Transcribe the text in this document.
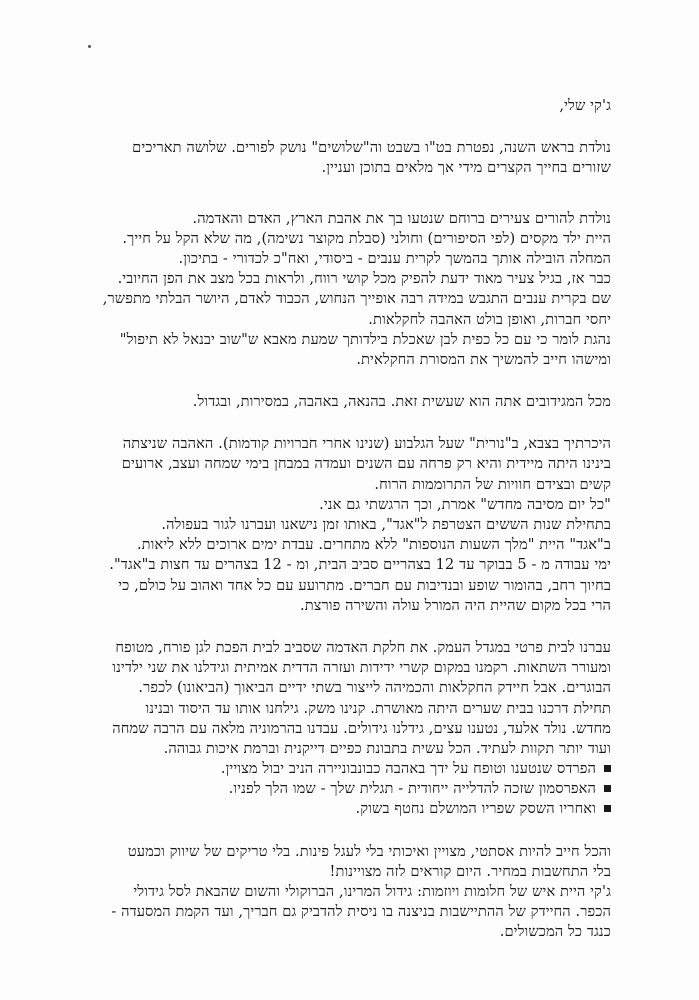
ג'קי שלי,
נולדת בראש השנה, נפטרת בט"ו בשבט וה"שלושים" נושק לפורים. שלושה תאריכים
שזורים בחייך הקצרים מידי אך מלאים בתוכן ועניין.
נולדת להורים צעירים ברוחם שנטעו בך את אהבת הארץ, האדם והאדמה.
היית ילד מקסים (לפי הסיפורים) וחולני (סבלת מקוצר נשימה), מה שלא הקל על חייך.
המחלה הובילה אותך בהמשך לקרית ענבים - ביסודי, ואח"כ לכדורי - בתיכון.
כבר אז, בגיל צעיר מאוד ידעת להפיק מכל קושי רווח, ולראות בכל מצב את הפן החיובי.
שם בקרית ענבים התגבש במידה רבה אופייך הנחוש, הכבוד לאדם, היושר הבלתי מתפשר,
יחסי חברות, ואופן בולט האהבה לחקלאות.
נהגת לומר כי עם כל כפית לבן שאכלת בילדותך שמעת מאבא ש"שוב יבנאל לא תיפול"
ומישהו חייב להמשיך את המסורת החקלאית.
מכל המגידובים אתה הוא שעשית זאת. בהנאה, באהבה, במסירות, ובגדול.
היכרתיך בצבא, ב"נורית" שעל הגלבוע (שנינו אחרי חברויות קודמות). האהבה שניצתה
בינינו היתה מיידית והיא רק פרחה עם השנים ועמדה במבחן בימי שמחה ועצב, ארועים
קשים ובצידם חוויות של התרוממות הרוח.
"כל יום מסיבה מחדש" אמרת, וכך הרגשתי גם אני.
בתחילת שנות הששים הצטרפת ל"אגד", באותו זמן נישאנו ועברנו לגור בעפולה.
ב"אגד" היית "מלך השעות הנוספות" ללא מתחרים. עבדת ימים ארוכים ללא ליאות.
ימי עבודה מ - 5 בבוקר עד 12 בצהריים סביב הבית, ומ - 12 בצהרים עד חצות ב"אגד".
בחיוך רחב, בהומור שופע ובנדיבות עם חברים. מתרועע עם כל אחד ואהוב על כולם, כי
הרי בכל מקום שהיית היה המורל עולה והשירה פורצת.
עברנו לבית פרטי במגדל העמק. את חלקת האדמה שסביב לבית הפכת לגן פורח, מטופח
ומעורר השתאות. רקמנו במקום קשרי ידידות ועזרה הדדית אמיתית וגידלנו את שני ילדינו
הבוגרים. אבל חיידק החקלאות והכמיהה לייצור בשתי ידיים הביאוך (הביאונו) לכפר.
תחילת דרכנו בבית שערים היתה מאושרת. קנינו משק. גילחנו אותו עד היסוד ובנינו
מחדש. נולד אלעד, נטענו עצים, גידלנו גידולים. עבדנו בהרמוניה מלאה עם הרבה שמחה
ועוד יותר תקוות לעתיד. הכל עשית בתבונת כפיים דייקנית וברמת איכות גבוהה.
הפרדס שנטענו וטופח על ידך באהבה כבונבוניירה הניב יבול מצויין.
האפרסמון שזכה להדלייה ייחודית - תגלית שלך - שמו הלך לפניו.
ואחריו השסק שפריו המושלם נחטף בשוק.
והכל חייב להיות אסתטי, מצויין ואיכותי בלי לעגל פינות. בלי טריקים של שיווק וכמעט
בלי התחשבות במחיר. היום קוראים לזה מצויינות!
ג'קי היית איש של חלומות ויוזמות: גידול המרינו, הברוקולי והשום שהבאת לסל גידולי
הכפר. החיידק של ההתיישבות בניצנה בו ניסית להדביק גם חבריך, ועד הקמת המסעדה -
כנגד כל המכשולים.
